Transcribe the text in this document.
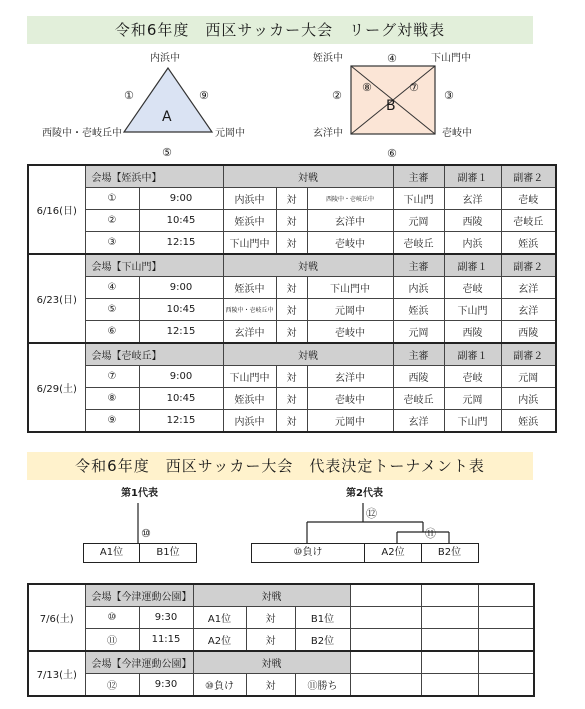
令和6年度　西区サッカー大会　リーグ対戦表
内浜中
西陵中・壱岐丘中	元岡中
①	⑨
⑤
A
姪浜中	下山門中
玄洋中	壱岐中
④
②	③
⑥
⑧	⑦
B
6/16(日)	会場【姪浜中】		対戦			主審	副審１	副審２
	①	9:00	内浜中	対	西陵中・壱岐丘中	下山門	玄洋	壱岐
	②	10:45	姪浜中	対	玄洋中	元岡	西陵	壱岐丘
	③	12:15	下山門中	対	壱岐中	壱岐丘	内浜	姪浜
6/23(日)	会場【下山門】		対戦			主審	副審１	副審２
	④	9:00	姪浜中	対	下山門中	内浜	壱岐	玄洋
	⑤	10:45	西陵中・壱岐丘中	対	元岡中	姪浜	下山門	玄洋
	⑥	12:15	玄洋中	対	壱岐中	元岡	西陵	西陵
6/29(土)	会場【壱岐丘】		対戦			主審	副審１	副審２
	⑦	9:00	下山門中	対	玄洋中	西陵	壱岐	元岡
	⑧	10:45	姪浜中	対	壱岐中	壱岐丘	元岡	内浜
	⑨	12:15	内浜中	対	元岡中	玄洋	下山門	姪浜
令和6年度　西区サッカー大会　代表決定トーナメント表
第1代表
⑩
A1位	B1位
第2代表
⑫
⑪
⑩負け	A2位	B2位
7/6(土)	会場【今津運動公園】		対戦					
	⑩	9:30	A1位	対	B1位			
	⑪	11:15	A2位	対	B2位			
7/13(土)	会場【今津運動公園】		対戦					
	⑫	9:30	⑩負け	対	⑪勝ち			
